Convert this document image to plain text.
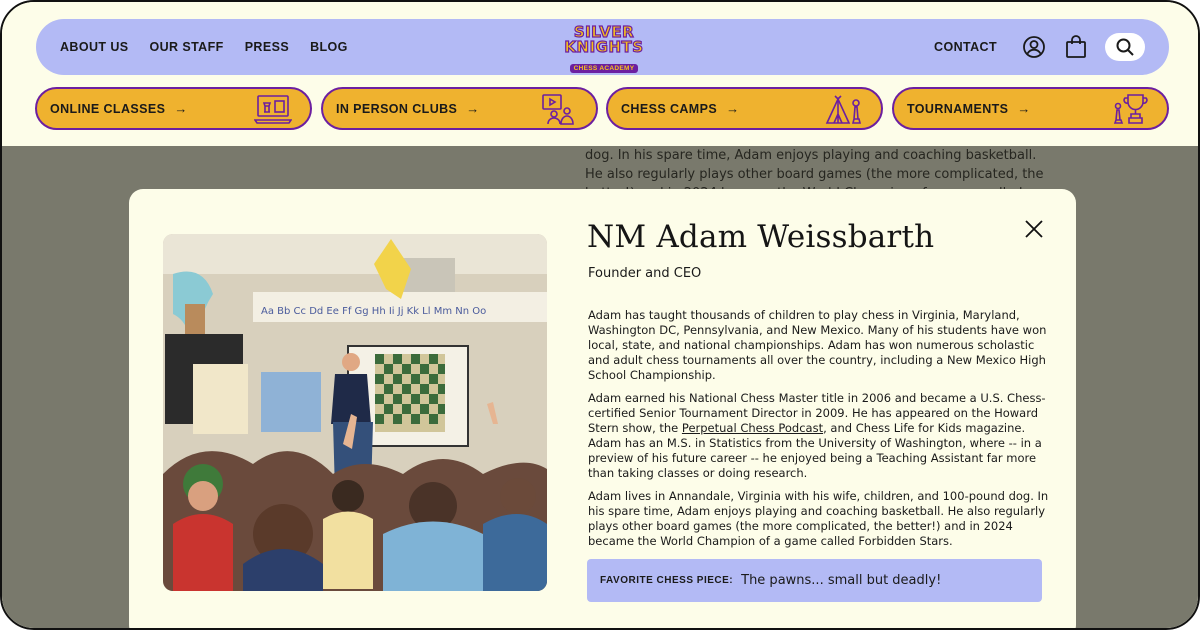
ABOUT US OUR STAFF PRESS BLOG
SILVER
KNIGHTS
CHESS ACADEMY
CONTACT
ONLINE CLASSES →	IN PERSON CLUBS →	CHESS CAMPS →	TOURNAMENTS →
Aa Bb Cc Dd Ee Ff Gg Hh Ii Jj Kk Ll Mm Nn Oo
NM Adam Weissbarth
Founder and CEO

Adam has taught thousands of children to play chess in Virginia, Maryland, Washington DC, Pennsylvania, and New Mexico. Many of his students have won local, state, and national championships. Adam has won numerous scholastic and adult chess tournaments all over the country, including a New Mexico High School Championship.

Adam earned his National Chess Master title in 2006 and became a U.S. Chess-certified Senior Tournament Director in 2009. He has appeared on the Howard Stern show, the Perpetual Chess Podcast, and Chess Life for Kids magazine. Adam has an M.S. in Statistics from the University of Washington, where -- in a preview of his future career -- he enjoyed being a Teaching Assistant far more than taking classes or doing research.

Adam lives in Annandale, Virginia with his wife, children, and 100-pound dog. In his spare time, Adam enjoys playing and coaching basketball. He also regularly plays other board games (the more complicated, the better!) and in 2024 became the World Champion of a game called Forbidden Stars.

FAVORITE CHESS PIECE: The pawns... small but deadly!
